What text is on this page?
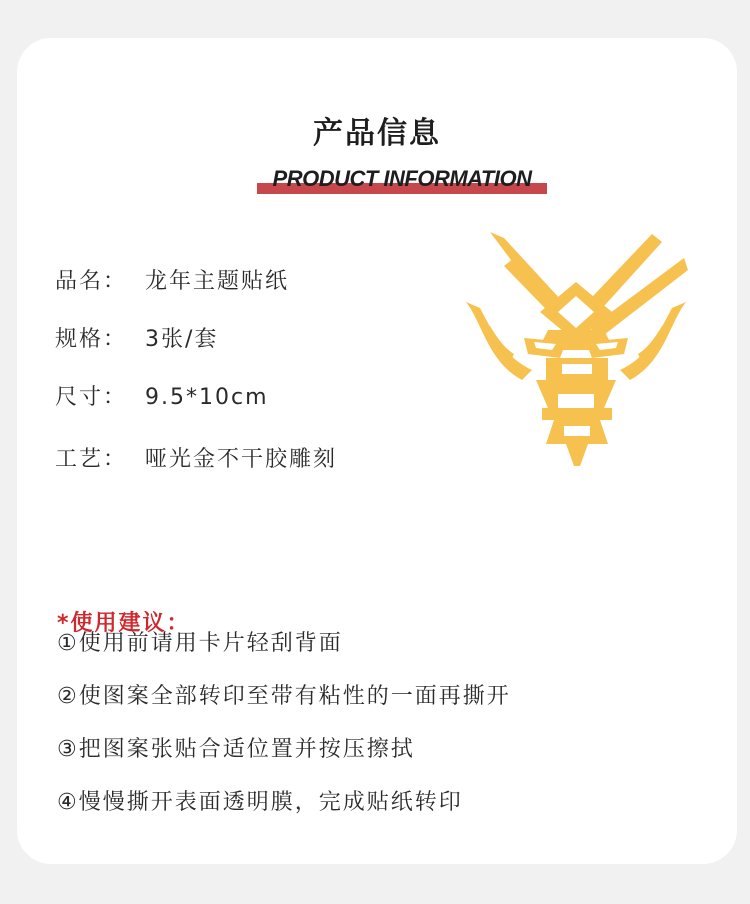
产品信息
PRODUCT INFORMATION
品名： 龙年主题贴纸
规格： 3张/套
尺寸： 9.5*10cm
工艺： 哑光金不干胶雕刻
*使用建议：
①使用前请用卡片轻刮背面
②使图案全部转印至带有粘性的一面再撕开
③把图案张贴合适位置并按压擦拭
④慢慢撕开表面透明膜，完成贴纸转印
